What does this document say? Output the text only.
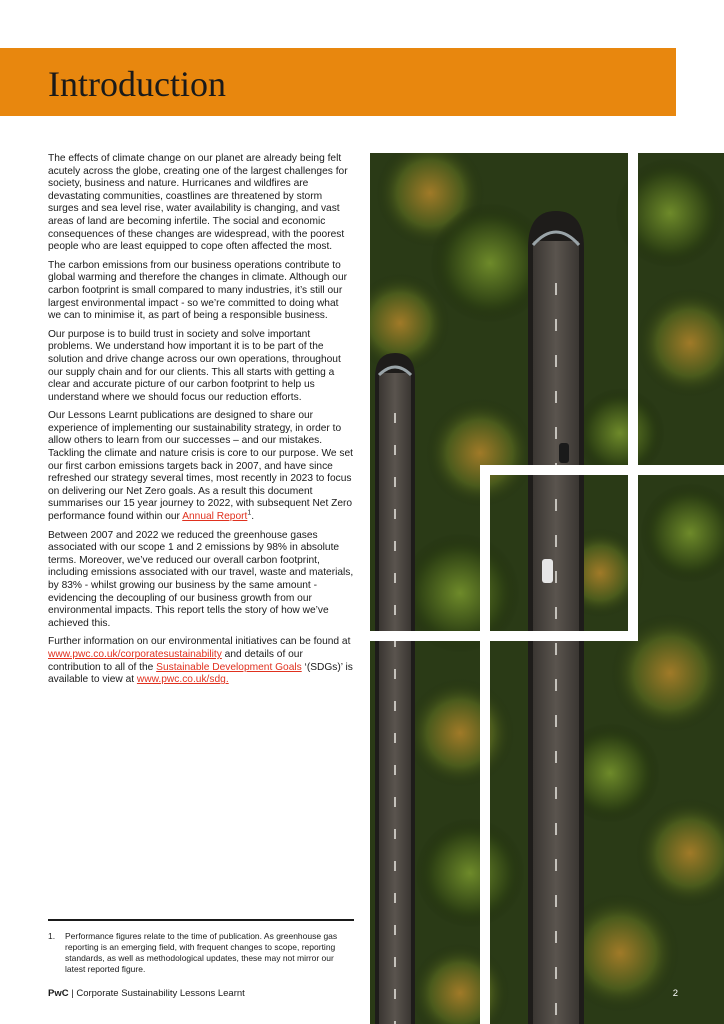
Introduction

The effects of climate change on our planet are already being felt acutely across the globe, creating one of the largest challenges for society, business and nature. Hurricanes and wildfires are devastating communities, coastlines are threatened by storm surges and sea level rise, water availability is changing, and vast areas of land are becoming infertile. The social and economic consequences of these changes are widespread, with the poorest people who are least equipped to cope often affected the most.

The carbon emissions from our business operations contribute to global warming and therefore the changes in climate. Although our carbon footprint is small compared to many industries, it’s still our largest environmental impact - so we’re committed to doing what we can to minimise it, as part of being a responsible business.

Our purpose is to build trust in society and solve important problems. We understand how important it is to be part of the solution and drive change across our own operations, throughout our supply chain and for our clients. This all starts with getting a clear and accurate picture of our carbon footprint to help us understand where we should focus our reduction efforts.

Our Lessons Learnt publications are designed to share our experience of implementing our sustainability strategy, in order to allow others to learn from our successes – and our mistakes. Tackling the climate and nature crisis is core to our purpose. We set our first carbon emissions targets back in 2007, and have since refreshed our strategy several times, most recently in 2023 to focus on delivering our Net Zero goals. As a result this document summarises our 15 year journey to 2022, with subsequent Net Zero performance found within our Annual Report$^1$.

Between 2007 and 2022 we reduced the greenhouse gases associated with our scope 1 and 2 emissions by 98% in absolute terms. Moreover, we’ve reduced our overall carbon footprint, including emissions associated with our travel, waste and materials, by 83% - whilst growing our business by the same amount - evidencing the decoupling of our business growth from our environmental impacts. This report tells the story of how we’ve achieved this.

Further information on our environmental initiatives can be found at www.pwc.co.uk/corporatesustainability and details of our contribution to all of the Sustainable Development Goals ‘(SDGs)’ is available to view at www.pwc.co.uk/sdg.

1. Performance figures relate to the time of publication. As greenhouse gas reporting is an emerging field, with frequent changes to scope, reporting standards, as well as methodological updates, these may not mirror our latest reported figure.
PwC | Corporate Sustainability Lessons Learnt	2
